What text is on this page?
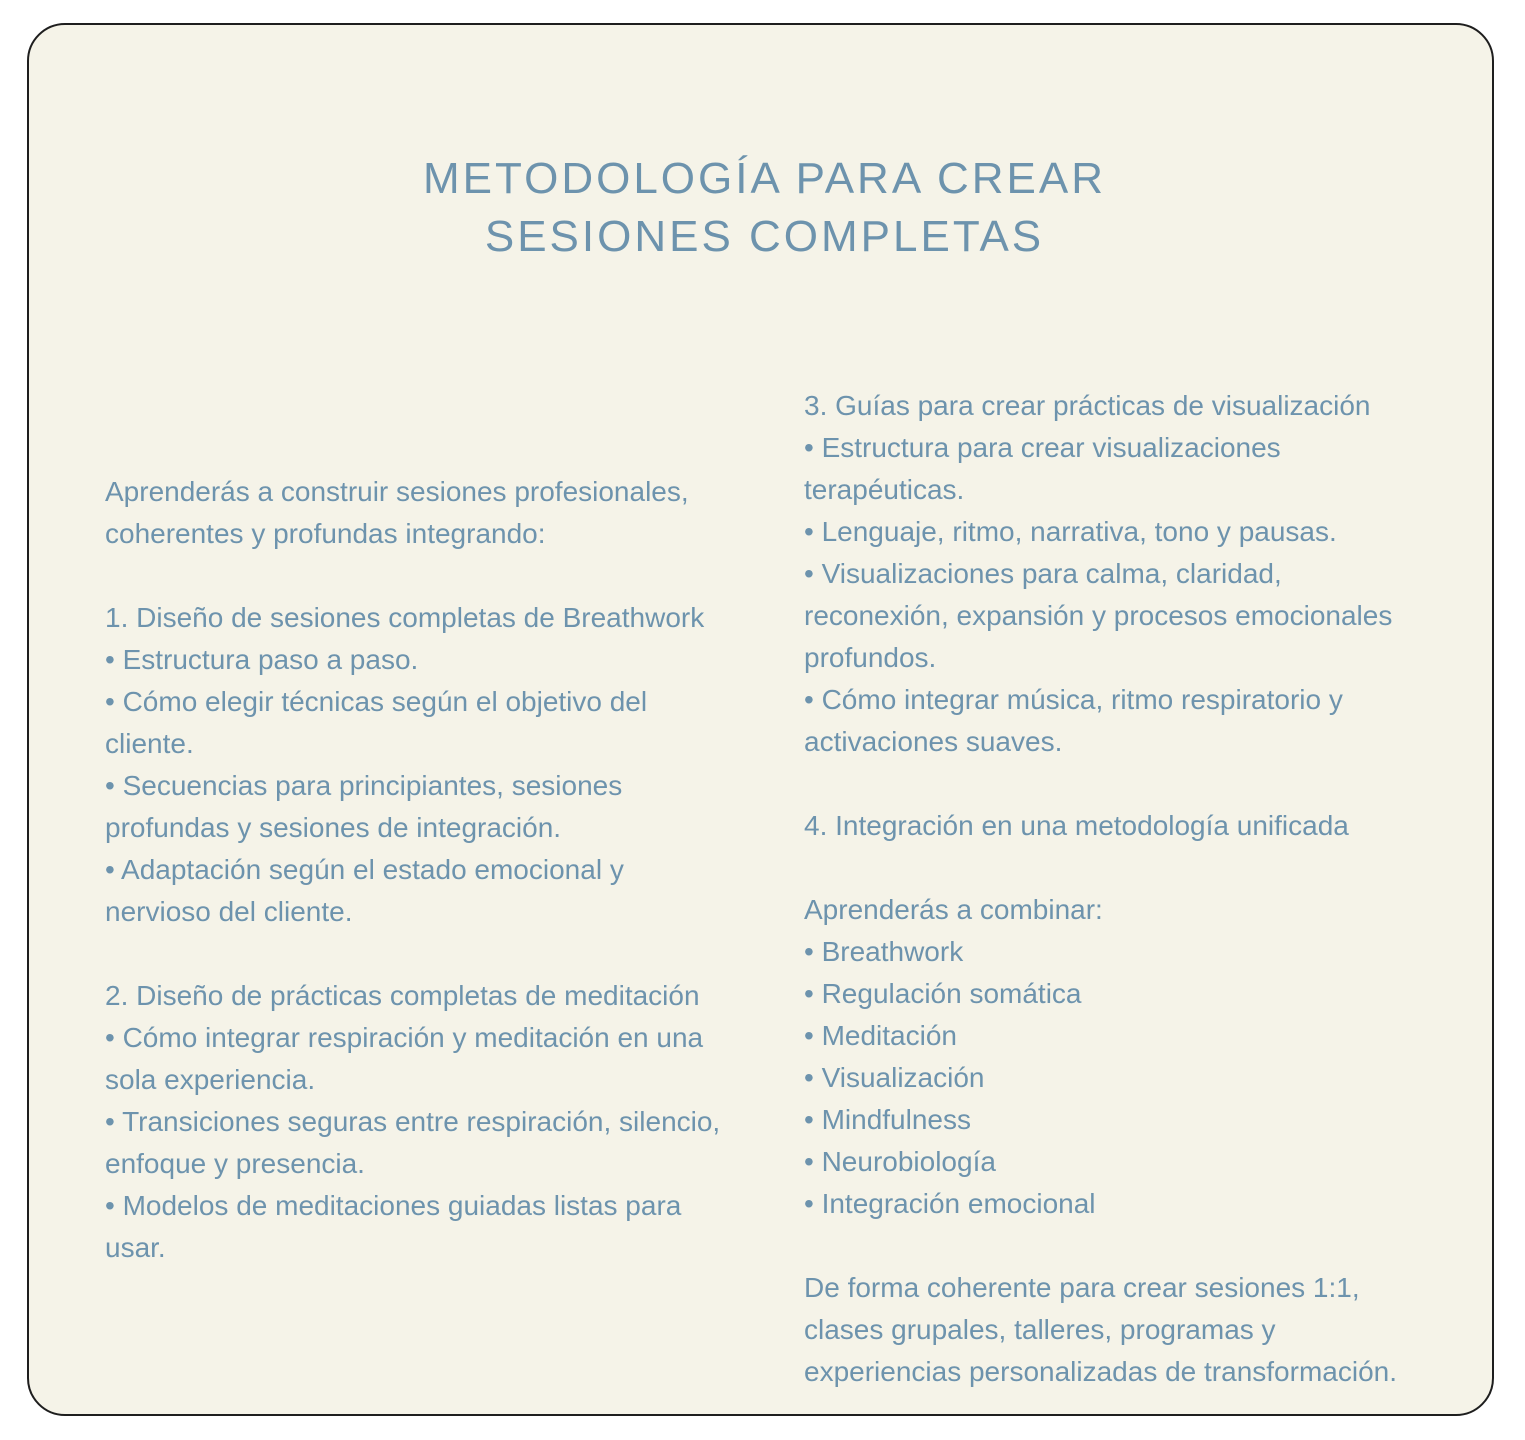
METODOLOGÍA PARA CREAR
SESIONES COMPLETAS
Aprenderás a construir sesiones profesionales,
coherentes y profundas integrando:
1. Diseño de sesiones completas de Breathwork
• Estructura paso a paso.
• Cómo elegir técnicas según el objetivo del
cliente.
• Secuencias para principiantes, sesiones
profundas y sesiones de integración.
• Adaptación según el estado emocional y
nervioso del cliente.
2. Diseño de prácticas completas de meditación
• Cómo integrar respiración y meditación en una
sola experiencia.
• Transiciones seguras entre respiración, silencio,
enfoque y presencia.
• Modelos de meditaciones guiadas listas para
usar.
3. Guías para crear prácticas de visualización
• Estructura para crear visualizaciones
terapéuticas.
• Lenguaje, ritmo, narrativa, tono y pausas.
• Visualizaciones para calma, claridad,
reconexión, expansión y procesos emocionales
profundos.
• Cómo integrar música, ritmo respiratorio y
activaciones suaves.
4. Integración en una metodología unificada
Aprenderás a combinar:
• Breathwork
• Regulación somática
• Meditación
• Visualización
• Mindfulness
• Neurobiología
• Integración emocional
De forma coherente para crear sesiones 1:1,
clases grupales, talleres, programas y
experiencias personalizadas de transformación.
